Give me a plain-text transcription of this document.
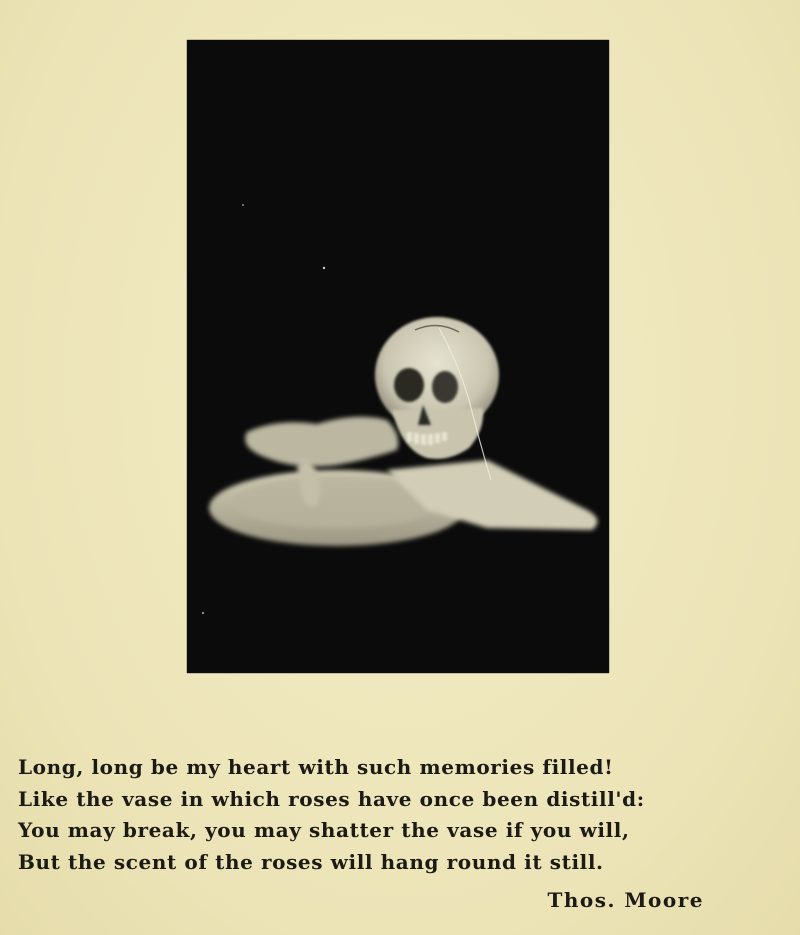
Long, long be my heart with such memories filled!
Like the vase in which roses have once been distill'd:
You may break, you may shatter the vase if you will,
But the scent of the roses will hang round it still.
Thos. Moore
